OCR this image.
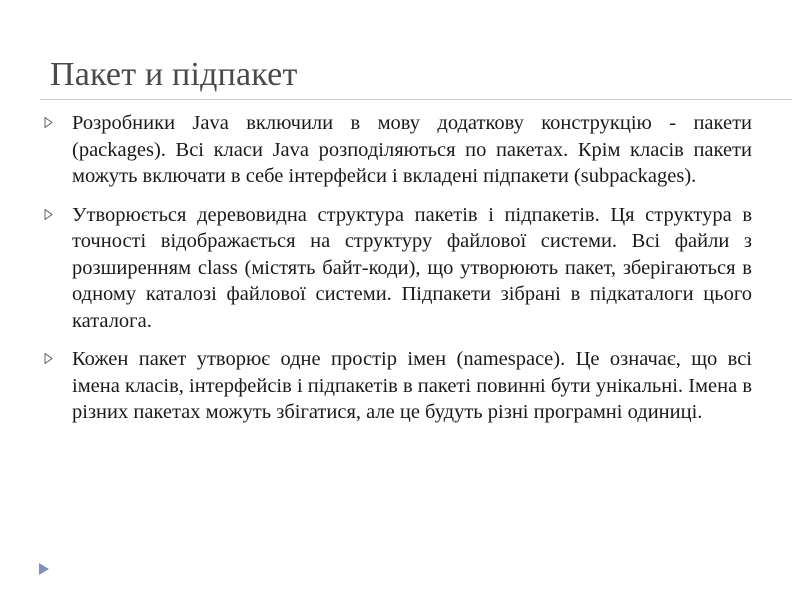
Пакет и підпакет
Розробники Java включили в мову додаткову конструкцію - пакети (packages). Всі класи Java розподіляються по пакетах. Крім класів пакети можуть включати в себе інтерфейси і вкладені підпакети (subpackages).
Утворюється деревовидна структура пакетів і підпакетів. Ця структура в точності відображається на структуру файлової системи. Всі файли з розширенням class (містять байт-коди), що утворюють пакет, зберігаються в одному каталозі файлової системи. Підпакети зібрані в підкаталоги цього каталога.
Кожен пакет утворює одне простір імен (namespace). Це означає, що всі імена класів, інтерфейсів і підпакетів в пакеті повинні бути унікальні. Імена в різних пакетах можуть збігатися, але це будуть різні програмні одиниці.
